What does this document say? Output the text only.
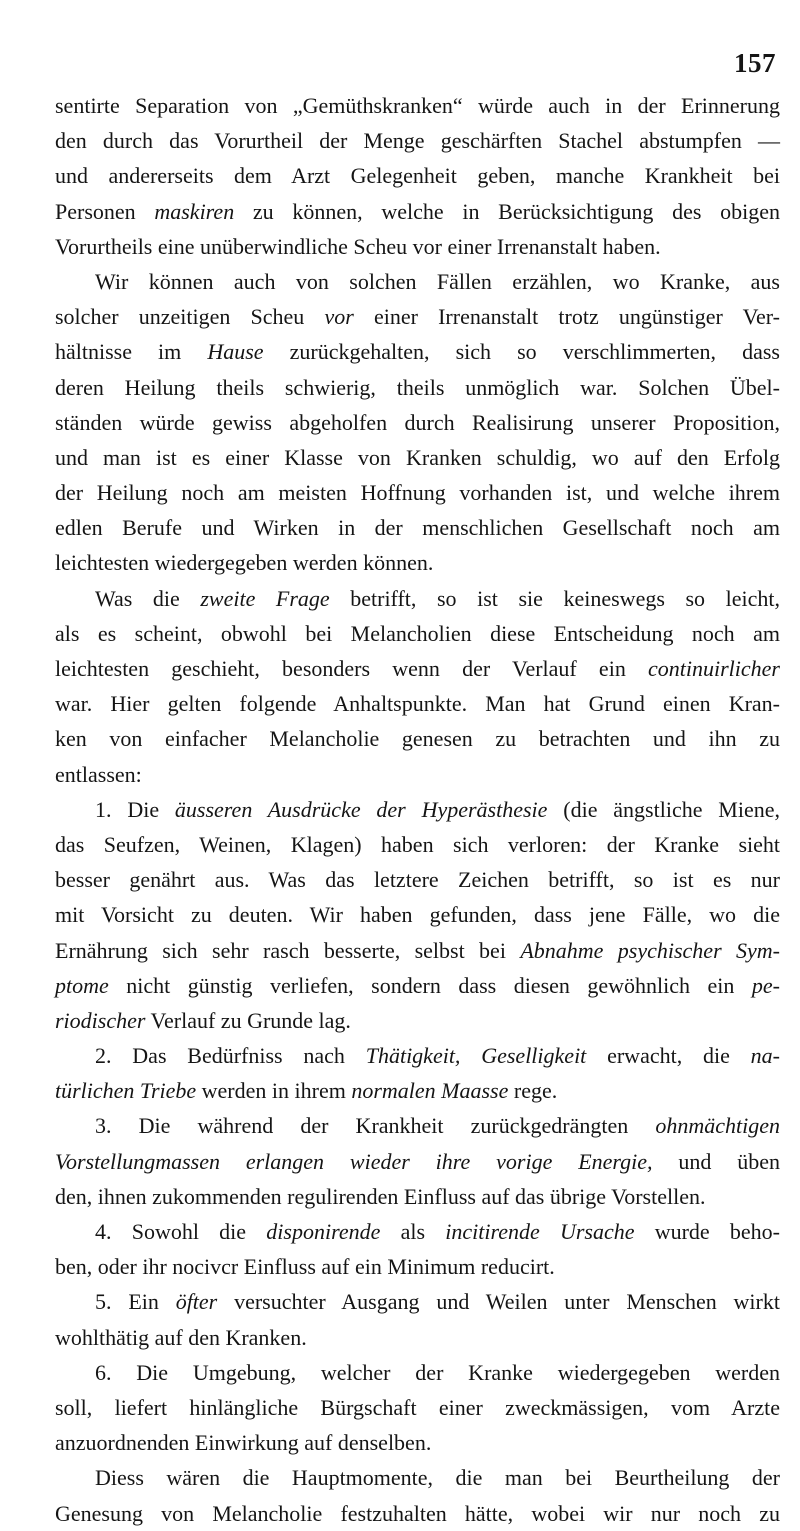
157
sentirte Separation von „Gemüthskranken“ würde auch in der Erinnerung
den durch das Vorurtheil der Menge geschärften Stachel abstumpfen —
und andererseits dem Arzt Gelegenheit geben, manche Krankheit bei
Personen maskiren zu können, welche in Berücksichtigung des obigen
Vorurtheils eine unüberwindliche Scheu vor einer Irrenanstalt haben.
Wir können auch von solchen Fällen erzählen, wo Kranke, aus
solcher unzeitigen Scheu vor einer Irrenanstalt trotz ungünstiger Ver-
hältnisse im Hause zurückgehalten, sich so verschlimmerten, dass
deren Heilung theils schwierig, theils unmöglich war. Solchen Übel-
ständen würde gewiss abgeholfen durch Realisirung unserer Proposition,
und man ist es einer Klasse von Kranken schuldig, wo auf den Erfolg
der Heilung noch am meisten Hoffnung vorhanden ist, und welche ihrem
edlen Berufe und Wirken in der menschlichen Gesellschaft noch am
leichtesten wiedergegeben werden können.
Was die zweite Frage betrifft, so ist sie keineswegs so leicht,
als es scheint, obwohl bei Melancholien diese Entscheidung noch am
leichtesten geschieht, besonders wenn der Verlauf ein continuirlicher
war. Hier gelten folgende Anhaltspunkte. Man hat Grund einen Kran-
ken von einfacher Melancholie genesen zu betrachten und ihn zu
entlassen:
1. Die äusseren Ausdrücke der Hyperästhesie (die ängstliche Miene,
das Seufzen, Weinen, Klagen) haben sich verloren: der Kranke sieht
besser genährt aus. Was das letztere Zeichen betrifft, so ist es nur
mit Vorsicht zu deuten. Wir haben gefunden, dass jene Fälle, wo die
Ernährung sich sehr rasch besserte, selbst bei Abnahme psychischer Sym-
ptome nicht günstig verliefen, sondern dass diesen gewöhnlich ein pe-
riodischer Verlauf zu Grunde lag.
2. Das Bedürfniss nach Thätigkeit, Geselligkeit erwacht, die na-
türlichen Triebe werden in ihrem normalen Maasse rege.
3. Die während der Krankheit zurückgedrängten ohnmächtigen
Vorstellungmassen erlangen wieder ihre vorige Energie, und üben
den, ihnen zukommenden regulirenden Einfluss auf das übrige Vorstellen.
4. Sowohl die disponirende als incitirende Ursache wurde beho-
ben, oder ihr nocivcr Einfluss auf ein Minimum reducirt.
5. Ein öfter versuchter Ausgang und Weilen unter Menschen wirkt
wohlthätig auf den Kranken.
6. Die Umgebung, welcher der Kranke wiedergegeben werden
soll, liefert hinlängliche Bürgschaft einer zweckmässigen, vom Arzte
anzuordnenden Einwirkung auf denselben.
Diess wären die Hauptmomente, die man bei Beurtheilung der
Genesung von Melancholie festzuhalten hätte, wobei wir nur noch zu
